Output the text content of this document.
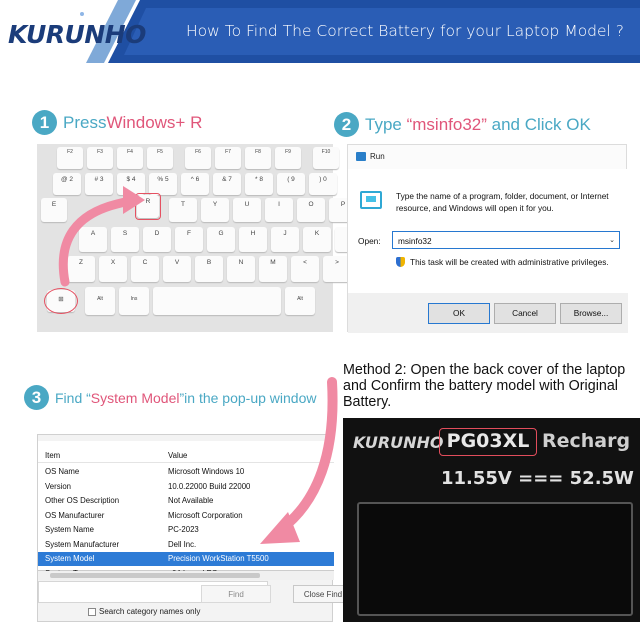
KURUNHO	How To Find The Correct Battery for your Laptop Model ?
1 Press Windows+ R	2 Type “msinfo32” and Click OK
3 Find “ System Model ”in the pop-up window
F2	F3	F4	F5	F6	F7	F8	F9	F10
@ 2	# 3	$ 4	% 5	^ 6	& 7	* 8	( 9	) 0
E	R	T	Y	U	I	O	P
A	S	D	F	G	H	J	K
Z	X	C	V	B	N	M	<	>
⊞	Alt	Ins	Alt
Run
Type the name of a program, folder, document, or Internet resource, and Windows will open it for you.
Open:	msinfo32	⌄
This task will be created with administrative privileges.
OK	Cancel	Browse...
Item	Value
OS Name	Microsoft Windows 10
Version	10.0.22000 Build 22000
Other OS Description	Not Available
OS Manufacturer	Microsoft Corporation
System Name	PC-2023
System Manufacturer	Dell Inc.
System Model	Precision WorkStation T5500
Find	Close Find
Search category names only
Method 2: Open the back cover of the laptop and Confirm the battery model with Original Battery.
KURUNHO PG03XL Recharg
11.55V === 52.5W
